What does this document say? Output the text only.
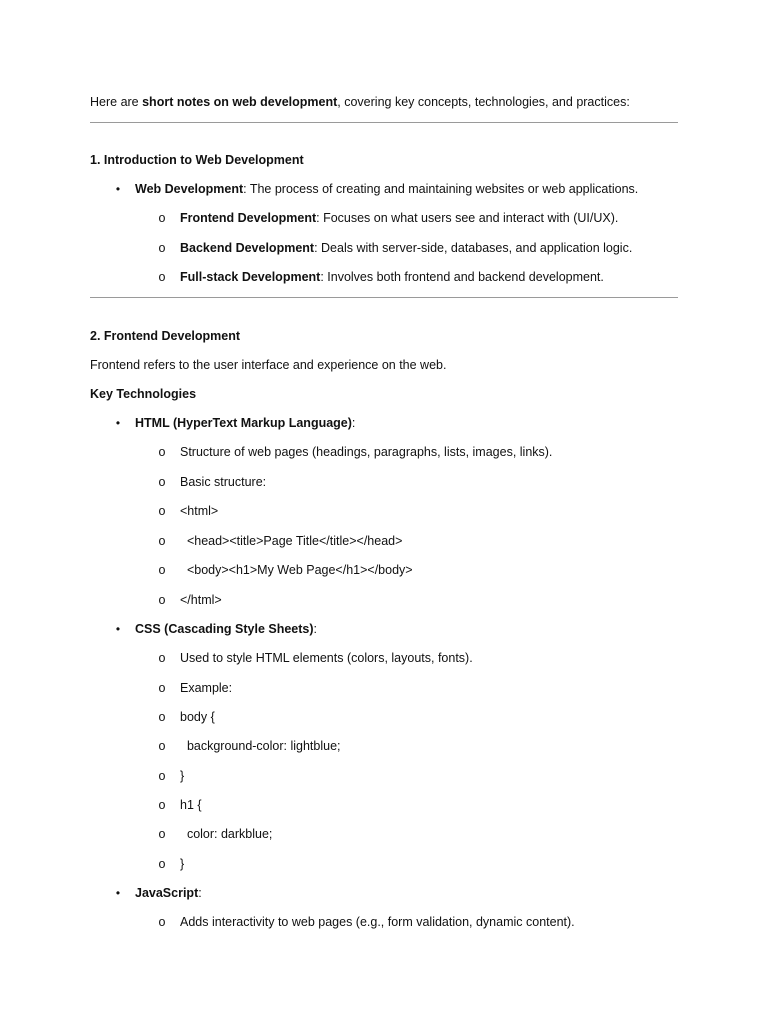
Here are short notes on web development, covering key concepts, technologies, and practices:
1. Introduction to Web Development
• Web Development: The process of creating and maintaining websites or web applications.
o Frontend Development: Focuses on what users see and interact with (UI/UX).
o Backend Development: Deals with server-side, databases, and application logic.
o Full-stack Development: Involves both frontend and backend development.
2. Frontend Development
Frontend refers to the user interface and experience on the web.
Key Technologies
• HTML (HyperText Markup Language):
o Structure of web pages (headings, paragraphs, lists, images, links).
o Basic structure:
o <html>
o <head><title>Page Title</title></head>
o <body><h1>My Web Page</h1></body>
o </html>
• CSS (Cascading Style Sheets):
o Used to style HTML elements (colors, layouts, fonts).
o Example:
o body {
o background-color: lightblue;
o }
o h1 {
o color: darkblue;
o }
• JavaScript:
o Adds interactivity to web pages (e.g., form validation, dynamic content).
